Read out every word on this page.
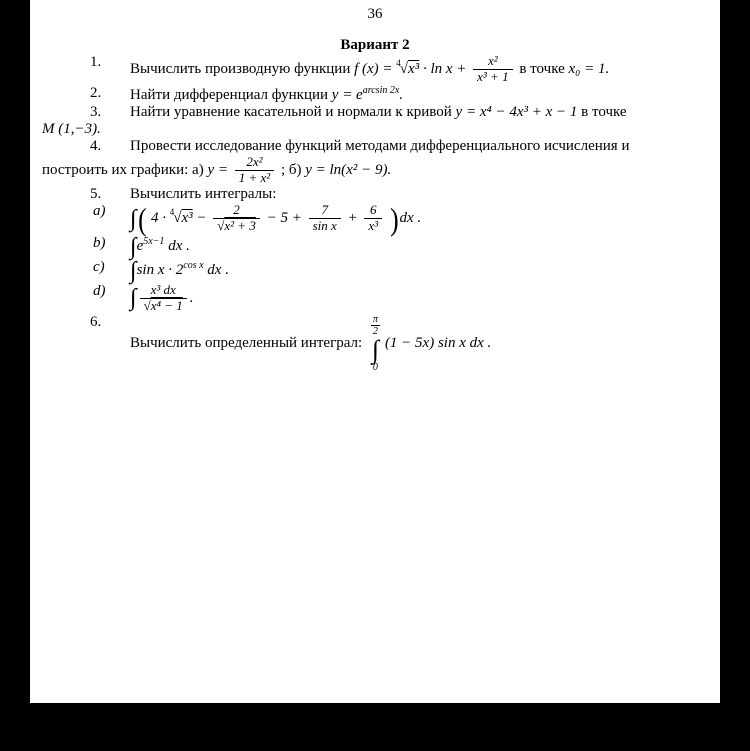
36

Вариант 2

1. Вычислить производную функции f $(x) = ^4√x^3 \cdot \ln x + \frac{\text{x²}}{\text{x³ + 1}}$ в точке x₀ = 1.

2. Найти дифференциал функции $y = e^{arcsin 2x}$.

3. Найти уравнение касательной и нормали к кривой y = x⁴ − 4x³ + x − 1 в точке

M (1,−3).

4. Провести исследование функций методами дифференциального исчисления и

построить их графики: а) $y = \frac{\text{2x²}}{\text{1 + x²}}$ ; б) y = ln(x² − 9).

5. Вычислить интегралы:

a) ∫( $4 \cdot ^4√x^3 - \frac{2}{\text{√x² + 3}} - 5 + \frac{7}{\text{sin x}} + \frac{6}{\text{x³}} )dx$ .

b) $\int e^{5x-1}$ dx .

c) ∫sin $x \cdot 2^{cos x}$ dx .

d) ∫ $\frac{\text{x³ dx}}{\text{√x⁴ − 1}}$ .

6.
Вычислить определенный интеграл:
$\frac{\pi}{2}$
∫
0
(1 − 5x) sin x dx .
